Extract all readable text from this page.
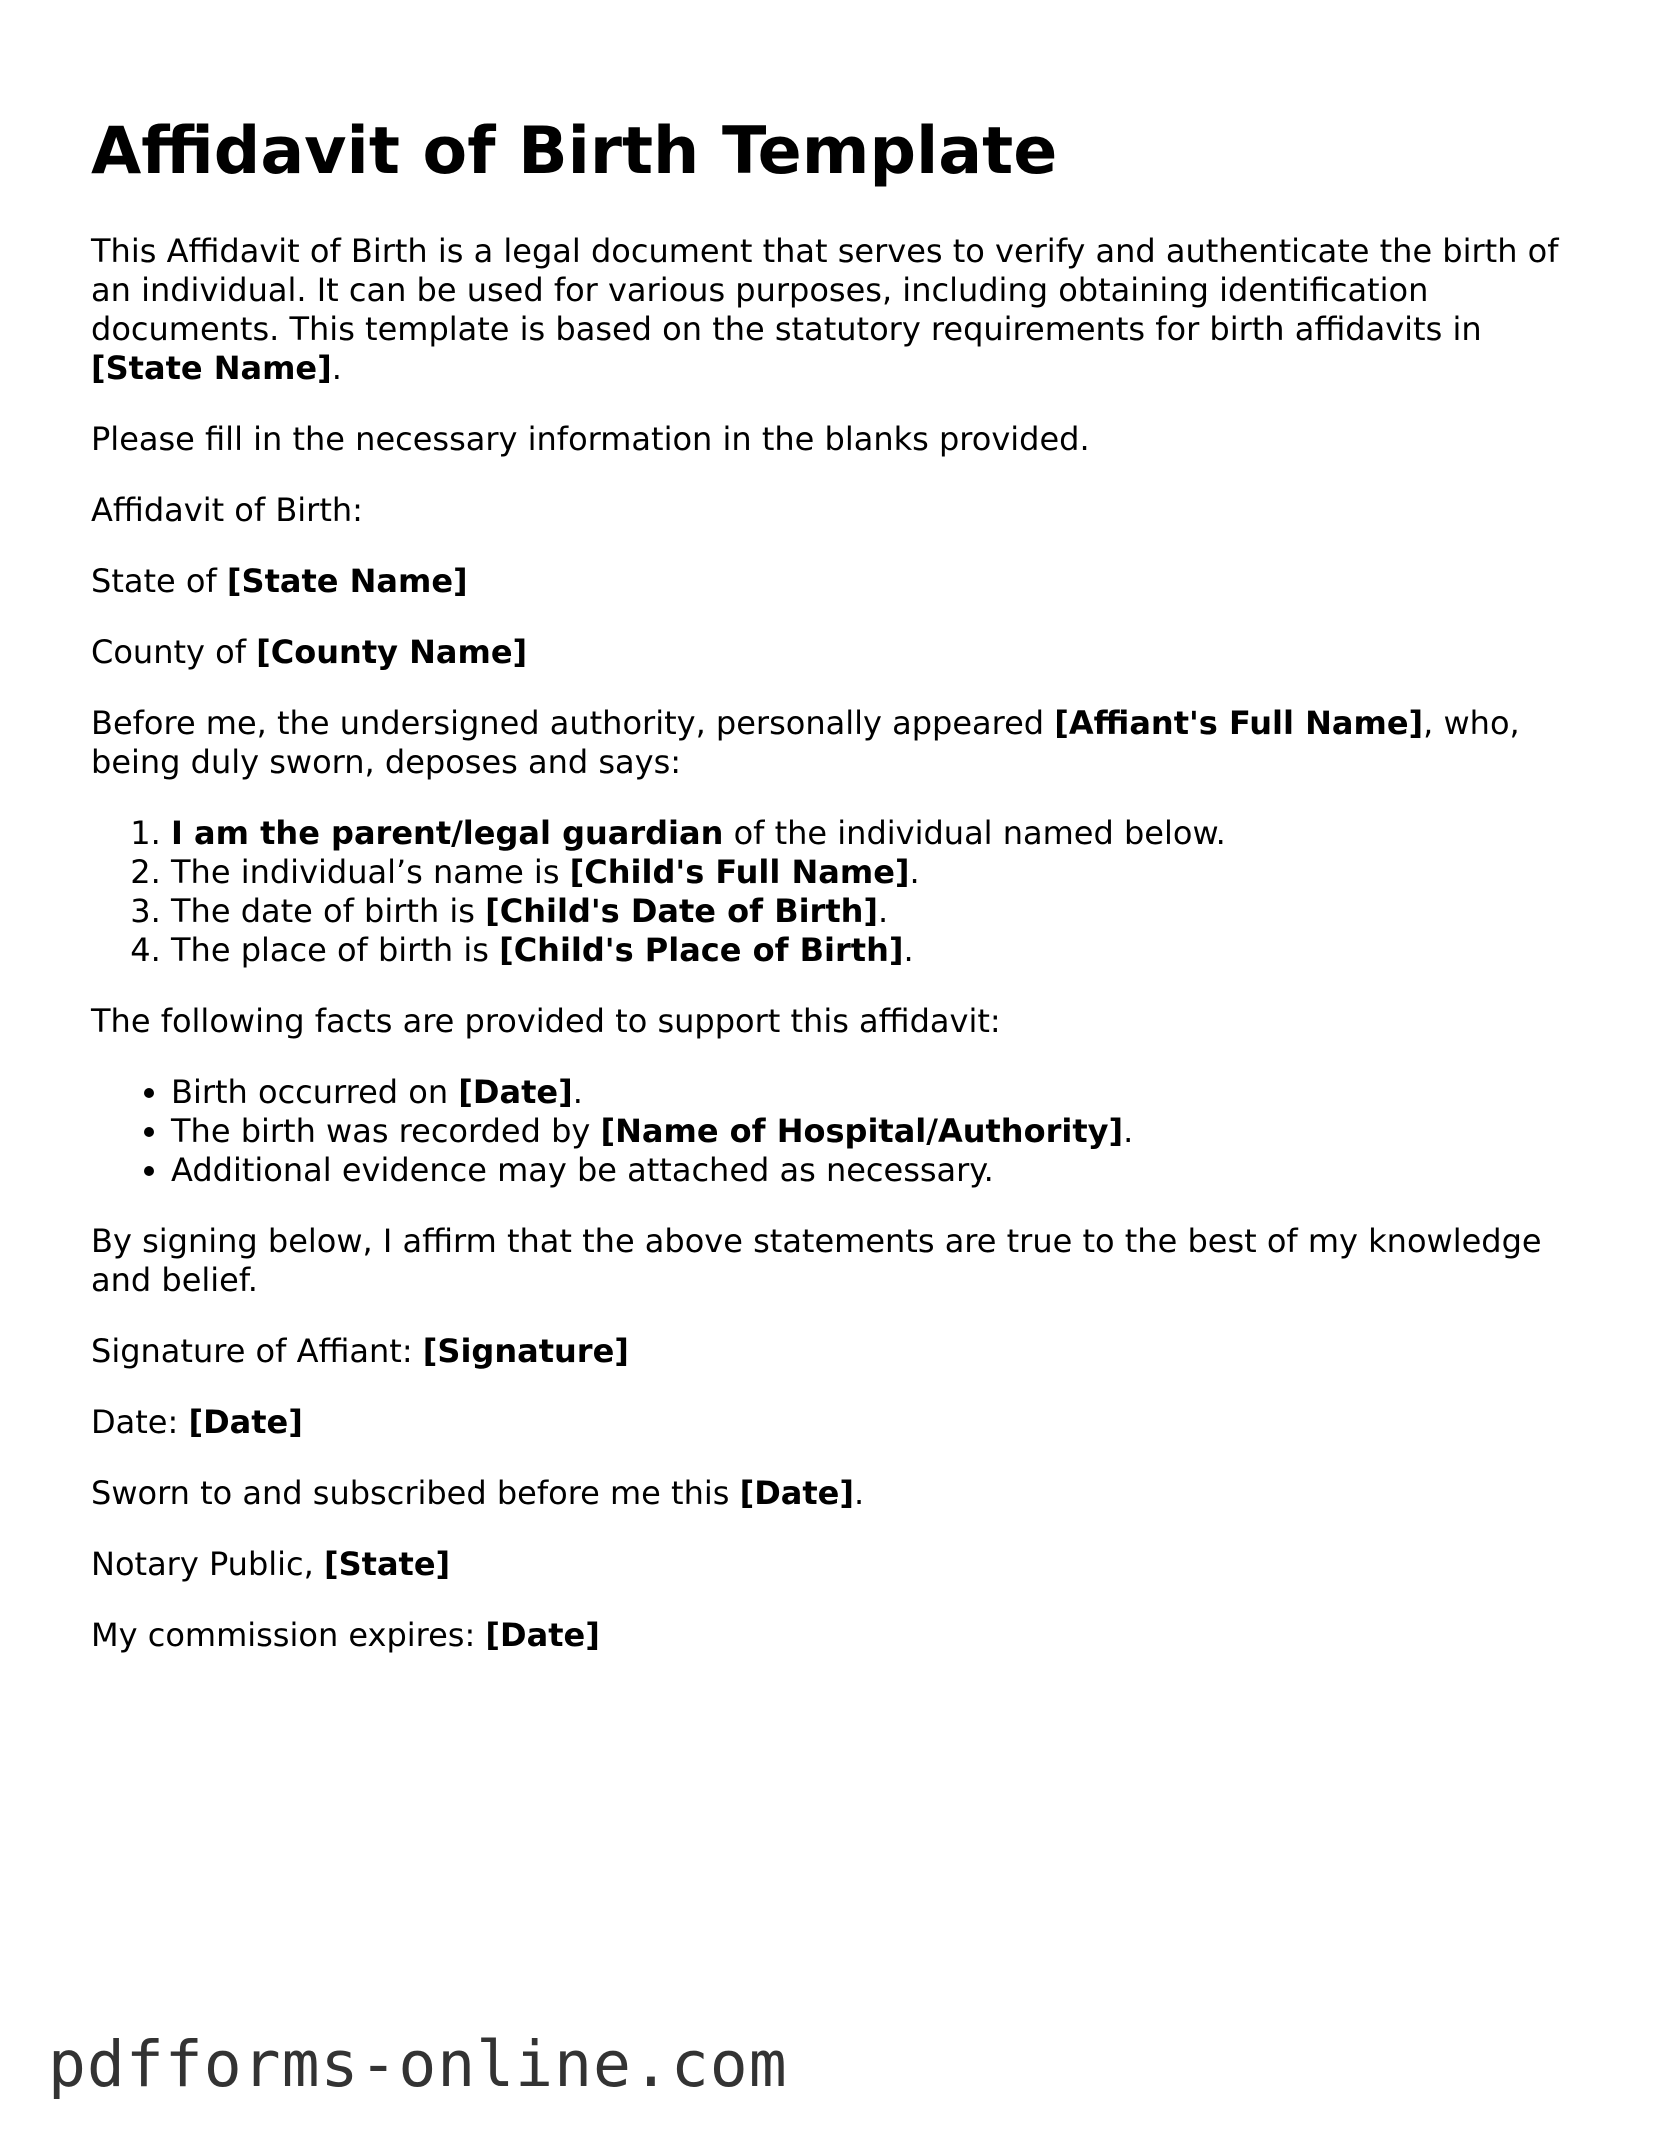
Affidavit of Birth Template

This Affidavit of Birth is a legal document that serves to verify and authenticate the birth of an individual. It can be used for various purposes, including obtaining identification documents. This template is based on the statutory requirements for birth affidavits in [State Name].

Please fill in the necessary information in the blanks provided.

Affidavit of Birth:

State of [State Name]

County of [County Name]

Before me, the undersigned authority, personally appeared [Affiant's Full Name], who, being duly sworn, deposes and says:

1. I am the parent/legal guardian of the individual named below.
2. The individual’s name is [Child's Full Name].
3. The date of birth is [Child's Date of Birth].
4. The place of birth is [Child's Place of Birth].

The following facts are provided to support this affidavit:

• Birth occurred on [Date].
• The birth was recorded by [Name of Hospital/Authority].
• Additional evidence may be attached as necessary.

By signing below, I affirm that the above statements are true to the best of my knowledge and belief.

Signature of Affiant: [Signature]

Date: [Date]

Sworn to and subscribed before me this [Date].

Notary Public, [State]

My commission expires: [Date]

pdfforms-online.com
